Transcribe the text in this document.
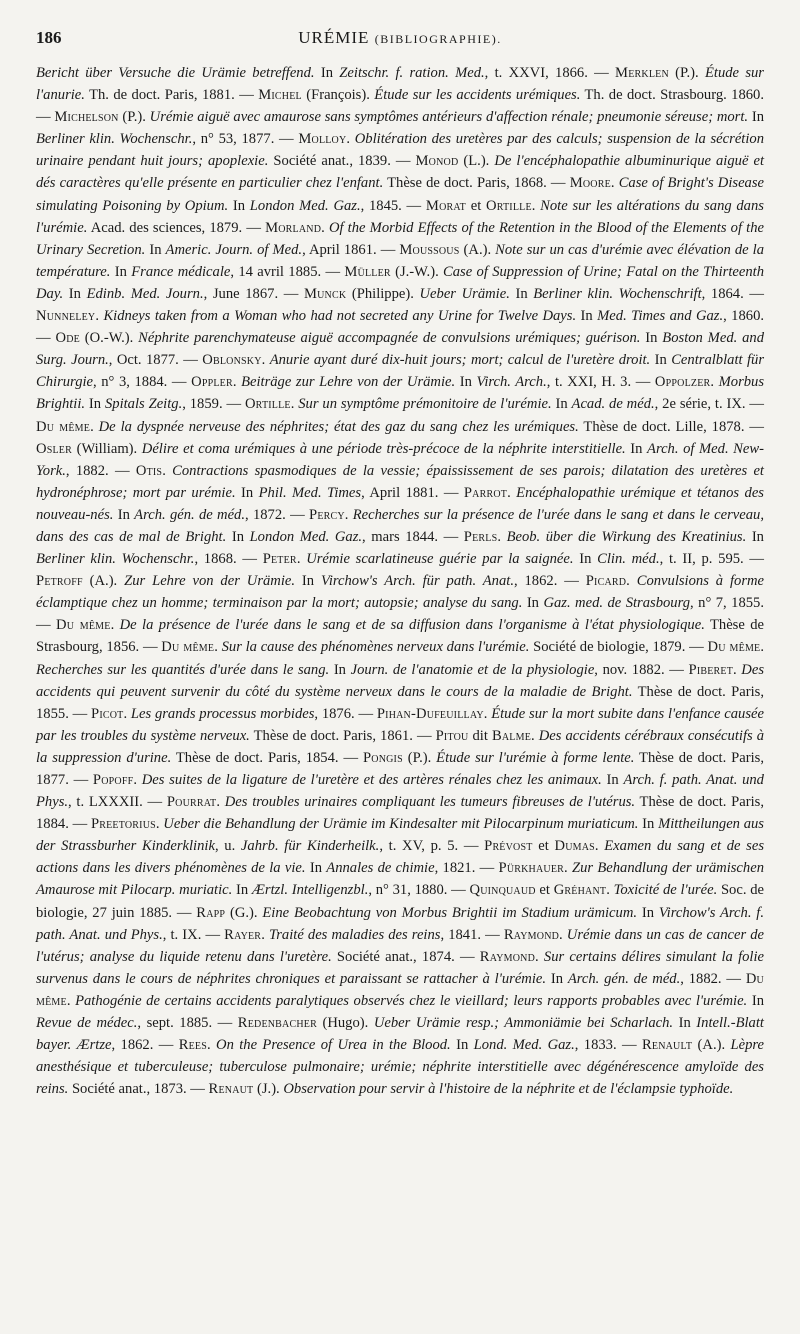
186	URÉMIE (BIBLIOGRAPHIE).
Bericht über Versuche die Urämie betreffend. In Zeitschr. f. ration. Med., t. XXVI, 1866. — Merklen (P.). Étude sur l'anurie. Th. de doct. Paris, 1881. — Michel (François). Étude sur les accidents urémiques. Th. de doct. Strasbourg. 1860. — Michelson (P.). Urémie aiguë avec amaurose sans symptômes antérieurs d'affection rénale; pneumonie séreuse; mort. In Berliner klin. Wochenschr., n° 53, 1877. — Molloy. Oblitération des uretères par des calculs; suspension de la sécrétion urinaire pendant huit jours; apoplexie. Société anat., 1839. — Monod (L.). De l'encéphalopathie albuminurique aiguë et dés caractères qu'elle présente en particulier chez l'enfant. Thèse de doct. Paris, 1868. — Moore. Case of Bright's Disease simulating Poisoning by Opium. In London Med. Gaz., 1845. — Morat et Ortille. Note sur les altérations du sang dans l'urémie. Acad. des sciences, 1879. — Morland. Of the Morbid Effects of the Retention in the Blood of the Elements of the Urinary Secretion. In Americ. Journ. of Med., April 1861. — Moussous (A.). Note sur un cas d'urémie avec élévation de la température. In France médicale, 14 avril 1885. — Müller (J.-W.). Case of Suppression of Urine; Fatal on the Thirteenth Day. In Edinb. Med. Journ., June 1867. — Munck (Philippe). Ueber Urämie. In Berliner klin. Wochenschrift, 1864. — Nunneley. Kidneys taken from a Woman who had not secreted any Urine for Twelve Days. In Med. Times and Gaz., 1860. — Ode (O.-W.). Néphrite parenchymateuse aiguë accompagnée de convulsions urémiques; guérison. In Boston Med. and Surg. Journ., Oct. 1877. — Oblonsky. Anurie ayant duré dix-huit jours; mort; calcul de l'uretère droit. In Centralblatt für Chirurgie, n° 3, 1884. — Oppler. Beiträge zur Lehre von der Urämie. In Virch. Arch., t. XXI, H. 3. — Oppolzer. Morbus Brightii. In Spitals Zeitg., 1859. — Ortille. Sur un symptôme prémonitoire de l'urémie. In Acad. de méd., 2e série, t. IX. — Du même. De la dyspnée nerveuse des néphrites; état des gaz du sang chez les urémiques. Thèse de doct. Lille, 1878. — Osler (William). Délire et coma urémiques à une période très-précoce de la néphrite interstitielle. In Arch. of Med. New-York., 1882. — Otis. Contractions spasmodiques de la vessie; épaississement de ses parois; dilatation des uretères et hydronéphrose; mort par urémie. In Phil. Med. Times, April 1881. — Parrot. Encéphalopathie urémique et tétanos des nouveau-nés. In Arch. gén. de méd., 1872. — Percy. Recherches sur la présence de l'urée dans le sang et dans le cerveau, dans des cas de mal de Bright. In London Med. Gaz., mars 1844. — Perls. Beob. über die Wirkung des Kreatinius. In Berliner klin. Wochenschr., 1868. — Peter. Urémie scarlatineuse guérie par la saignée. In Clin. méd., t. II, p. 595. — Petroff (A.). Zur Lehre von der Urämie. In Virchow's Arch. für path. Anat., 1862. — Picard. Convulsions à forme éclamptique chez un homme; terminaison par la mort; autopsie; analyse du sang. In Gaz. med. de Strasbourg, n° 7, 1855. — Du même. De la présence de l'urée dans le sang et de sa diffusion dans l'organisme à l'état physiologique. Thèse de Strasbourg, 1856. — Du même. Sur la cause des phénomènes nerveux dans l'urémie. Société de biologie, 1879. — Du même. Recherches sur les quantités d'urée dans le sang. In Journ. de l'anatomie et de la physiologie, nov. 1882. — Piberet. Des accidents qui peuvent survenir du côté du système nerveux dans le cours de la maladie de Bright. Thèse de doct. Paris, 1855. — Picot. Les grands processus morbides, 1876. — Pihan-Dufeuillay. Étude sur la mort subite dans l'enfance causée par les troubles du système nerveux. Thèse de doct. Paris, 1861. — Pitou dit Balme. Des accidents cérébraux consécutifs à la suppression d'urine. Thèse de doct. Paris, 1854. — Pongis (P.). Étude sur l'urémie à forme lente. Thèse de doct. Paris, 1877. — Popoff. Des suites de la ligature de l'uretère et des artères rénales chez les animaux. In Arch. f. path. Anat. und Phys., t. LXXXII. — Pourrat. Des troubles urinaires compliquant les tumeurs fibreuses de l'utérus. Thèse de doct. Paris, 1884. — Preetorius. Ueber die Behandlung der Urämie im Kindesalter mit Pilocarpinum muriaticum. In Mittheilungen aus der Strassburher Kinderklinik, u. Jahrb. für Kinderheilk., t. XV, p. 5. — Prévost et Dumas. Examen du sang et de ses actions dans les divers phénomènes de la vie. In Annales de chimie, 1821. — Pürkhauer. Zur Behandlung der urämischen Amaurose mit Pilocarp. muriatic. In Ærtzl. Intelligenzbl., n° 31, 1880. — Quinquaud et Gréhant. Toxicité de l'urée. Soc. de biologie, 27 juin 1885. — Rapp (G.). Eine Beobachtung von Morbus Brightii im Stadium urämicum. In Virchow's Arch. f. path. Anat. und Phys., t. IX. — Rayer. Traité des maladies des reins, 1841. — Raymond. Urémie dans un cas de cancer de l'utérus; analyse du liquide retenu dans l'uretère. Société anat., 1874. — Raymond. Sur certains délires simulant la folie survenus dans le cours de néphrites chroniques et paraissant se rattacher à l'urémie. In Arch. gén. de méd., 1882. — Du même. Pathogénie de certains accidents paralytiques observés chez le vieillard; leurs rapports probables avec l'urémie. In Revue de médec., sept. 1885. — Redenbacher (Hugo). Ueber Urämie resp.; Ammoniämie bei Scharlach. In Intell.-Blatt bayer. Ærtze, 1862. — Rees. On the Presence of Urea in the Blood. In Lond. Med. Gaz., 1833. — Renault (A.). Lèpre anesthésique et tuberculeuse; tuberculose pulmonaire; urémie; néphrite interstitielle avec dégénérescence amyloïde des reins. Société anat., 1873. — Renaut (J.). Observation pour servir à l'histoire de la néphrite et de l'éclampsie typhoïde.
